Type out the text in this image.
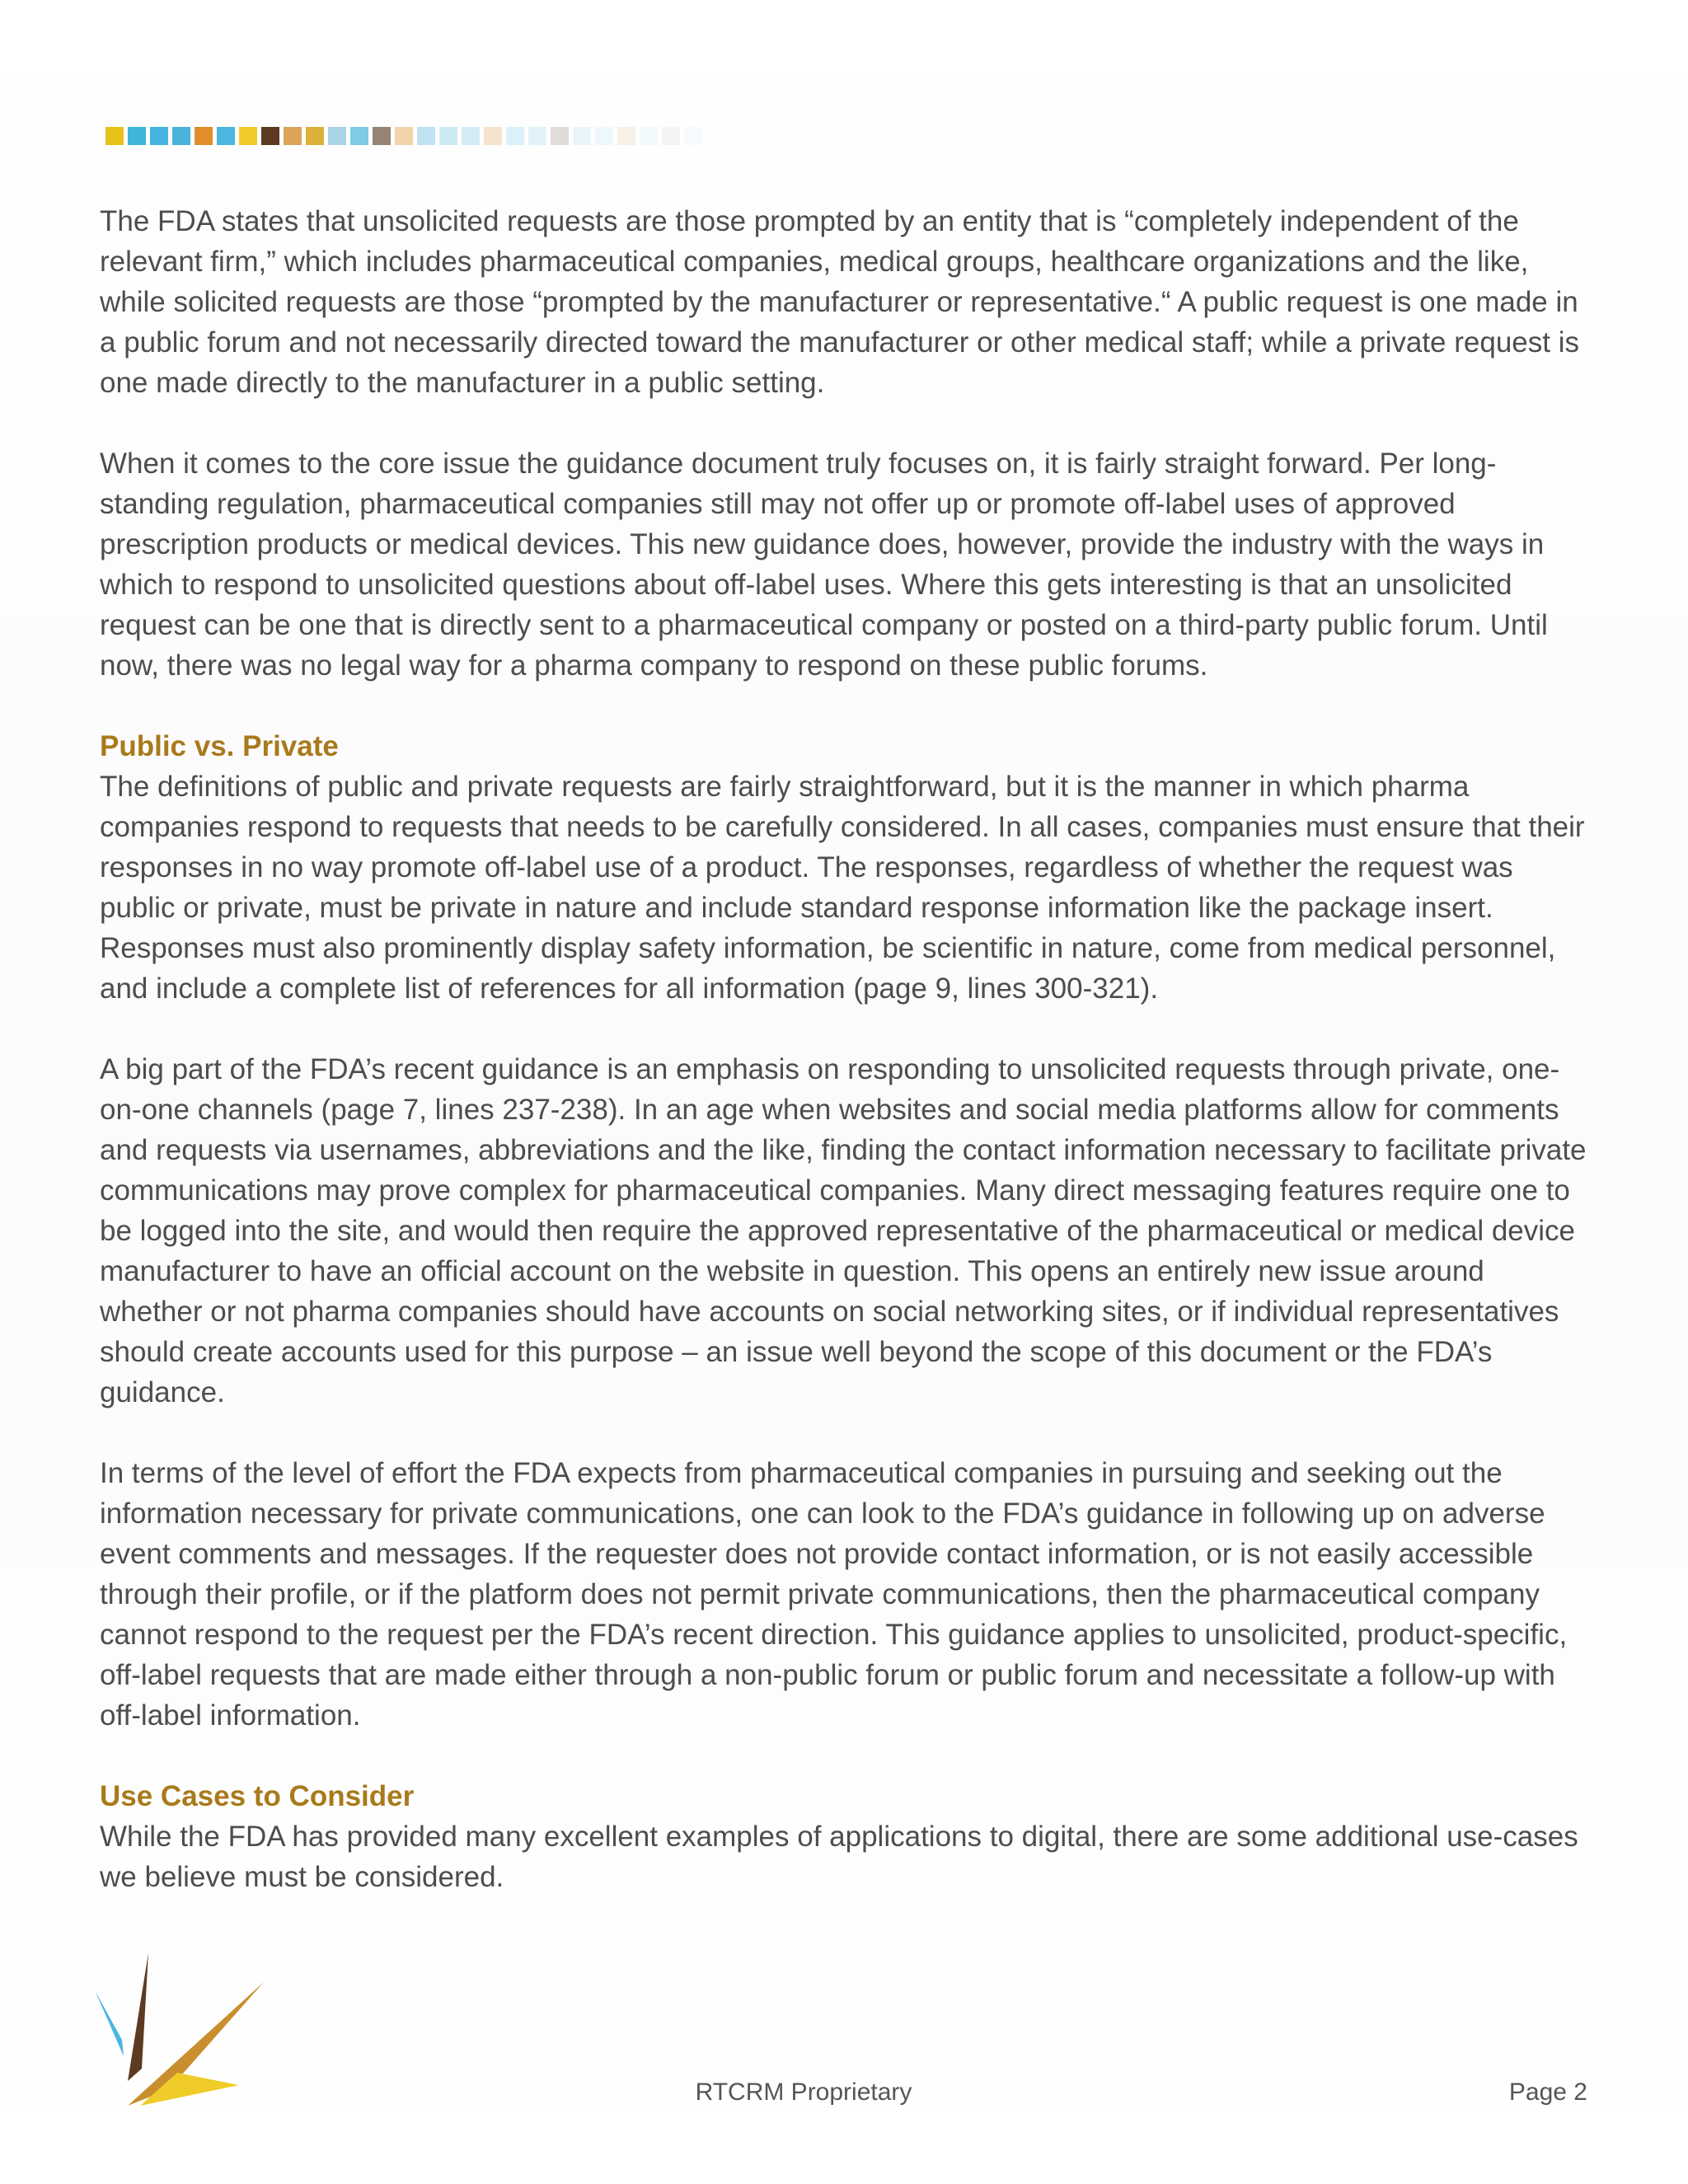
The FDA states that unsolicited requests are those prompted by an entity that is “completely independent of the relevant firm,” which includes pharmaceutical companies, medical groups, healthcare organizations and the like, while solicited requests are those “prompted by the manufacturer or representative.“ A public request is one made in a public forum and not necessarily directed toward the manufacturer or other medical staff; while a private request is one made directly to the manufacturer in a public setting.

When it comes to the core issue the guidance document truly focuses on, it is fairly straight forward. Per long-standing regulation, pharmaceutical companies still may not offer up or promote off-label uses of approved prescription products or medical devices. This new guidance does, however, provide the industry with the ways in which to respond to unsolicited questions about off-label uses. Where this gets interesting is that an unsolicited request can be one that is directly sent to a pharmaceutical company or posted on a third-party public forum. Until now, there was no legal way for a pharma company to respond on these public forums.

Public vs. Private

The definitions of public and private requests are fairly straightforward, but it is the manner in which pharma companies respond to requests that needs to be carefully considered. In all cases, companies must ensure that their responses in no way promote off-label use of a product. The responses, regardless of whether the request was public or private, must be private in nature and include standard response information like the package insert. Responses must also prominently display safety information, be scientific in nature, come from medical personnel, and include a complete list of references for all information (page 9, lines 300-321).

A big part of the FDA’s recent guidance is an emphasis on responding to unsolicited requests through private, one-on-one channels (page 7, lines 237-238). In an age when websites and social media platforms allow for comments and requests via usernames, abbreviations and the like, finding the contact information necessary to facilitate private communications may prove complex for pharmaceutical companies. Many direct messaging features require one to be logged into the site, and would then require the approved representative of the pharmaceutical or medical device manufacturer to have an official account on the website in question. This opens an entirely new issue around whether or not pharma companies should have accounts on social networking sites, or if individual representatives should create accounts used for this purpose – an issue well beyond the scope of this document or the FDA’s guidance.

In terms of the level of effort the FDA expects from pharmaceutical companies in pursuing and seeking out the information necessary for private communications, one can look to the FDA’s guidance in following up on adverse event comments and messages. If the requester does not provide contact information, or is not easily accessible through their profile, or if the platform does not permit private communications, then the pharmaceutical company cannot respond to the request per the FDA’s recent direction. This guidance applies to unsolicited, product-specific, off-label requests that are made either through a non-public forum or public forum and necessitate a follow-up with off-label information.

Use Cases to Consider

While the FDA has provided many excellent examples of applications to digital, there are some additional use-cases we believe must be considered.

RTCRM Proprietary	Page 2
